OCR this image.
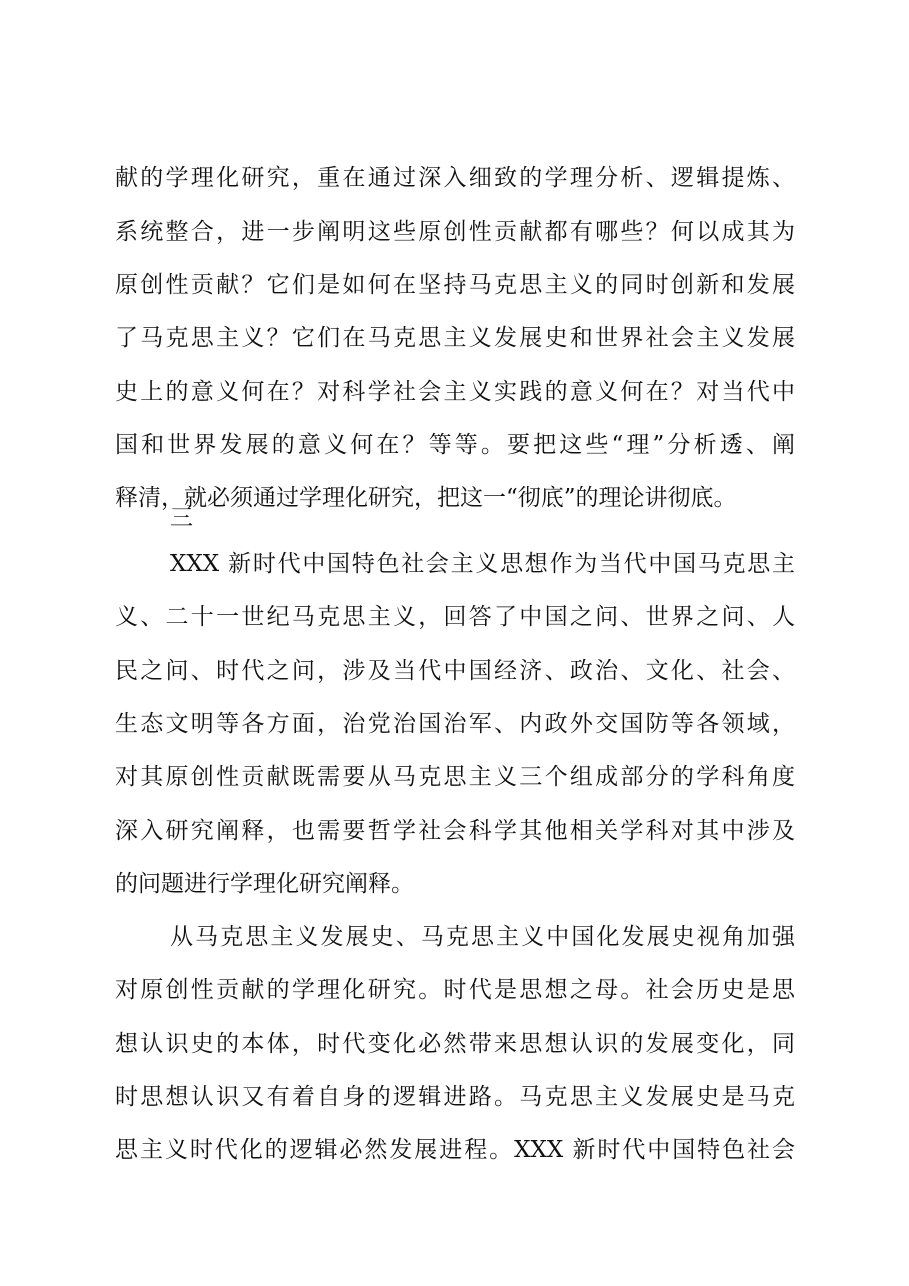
献的学理化研究，重在通过深入细致的学理分析、逻辑提炼、
系统整合，进一步阐明这些原创性贡献都有哪些？何以成其为
原创性贡献？它们是如何在坚持马克思主义的同时创新和发展
了马克思主义？它们在马克思主义发展史和世界社会主义发展
史上的意义何在？对科学社会主义实践的意义何在？对当代中
国和世界发展的意义何在？等等。要把这些“理”分析透、阐
释清，就必须通过学理化研究，把这一“彻底”的理论讲彻底。
三
XXX 新时代中国特色社会主义思想作为当代中国马克思主
义、二十一世纪马克思主义，回答了中国之问、世界之问、人
民之问、时代之问，涉及当代中国经济、政治、文化、社会、
生态文明等各方面，治党治国治军、内政外交国防等各领域，
对其原创性贡献既需要从马克思主义三个组成部分的学科角度
深入研究阐释，也需要哲学社会科学其他相关学科对其中涉及
的问题进行学理化研究阐释。
从马克思主义发展史、马克思主义中国化发展史视角加强
对原创性贡献的学理化研究。时代是思想之母。社会历史是思
想认识史的本体，时代变化必然带来思想认识的发展变化，同
时思想认识又有着自身的逻辑进路。马克思主义发展史是马克
思主义时代化的逻辑必然发展进程。XXX 新时代中国特色社会
